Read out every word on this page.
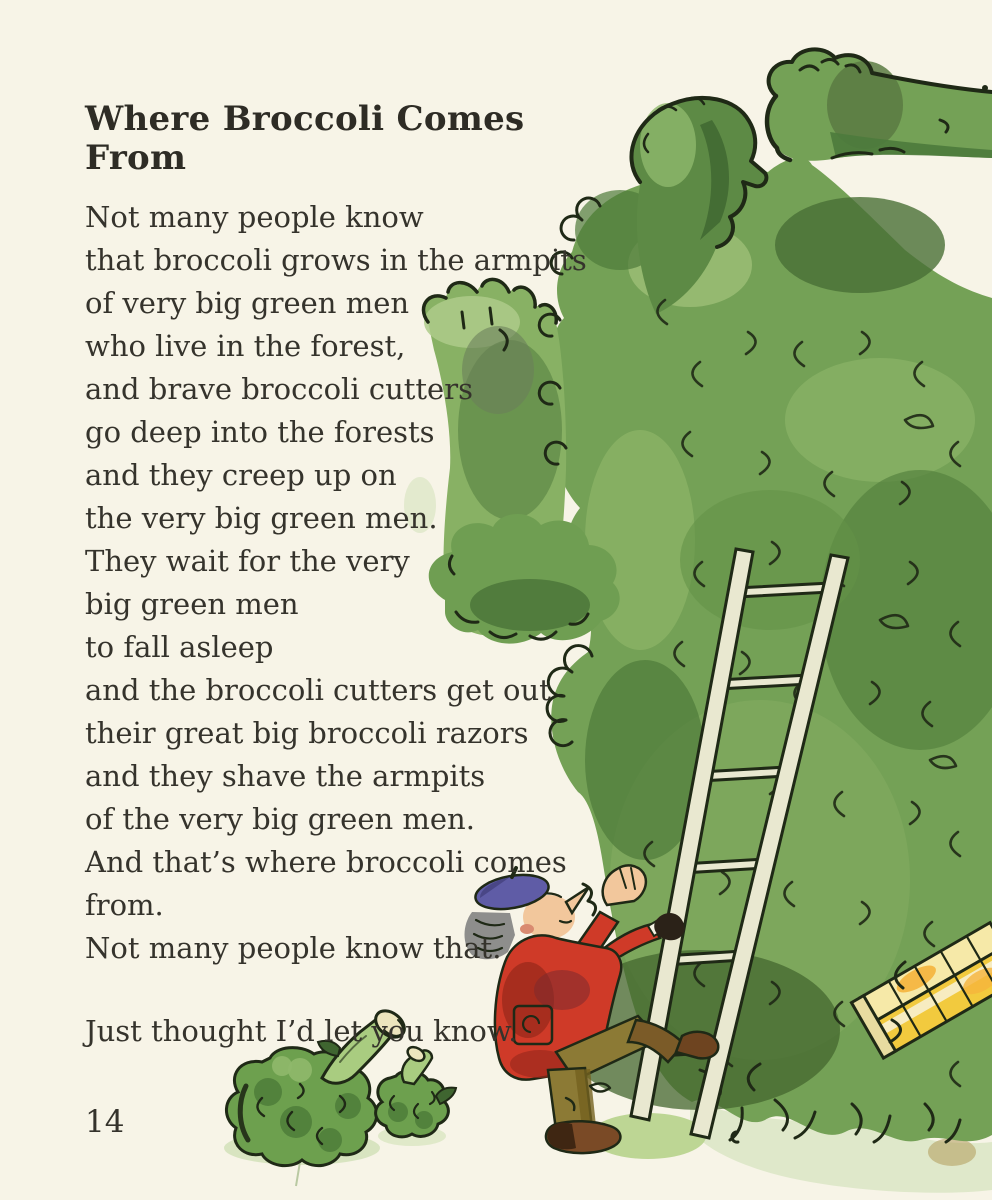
Where Broccoli Comes From

Not many people know

that broccoli grows in the armpits

of very big green men

who live in the forest,

and brave broccoli cutters

go deep into the forests

and they creep up on

the very big green men.

They wait for the very

big green men

to fall asleep

and the broccoli cutters get out

their great big broccoli razors

and they shave the armpits

of the very big green men.

And that’s where broccoli comes from.

Not many people know that.

Just thought I’d let you know.

14
